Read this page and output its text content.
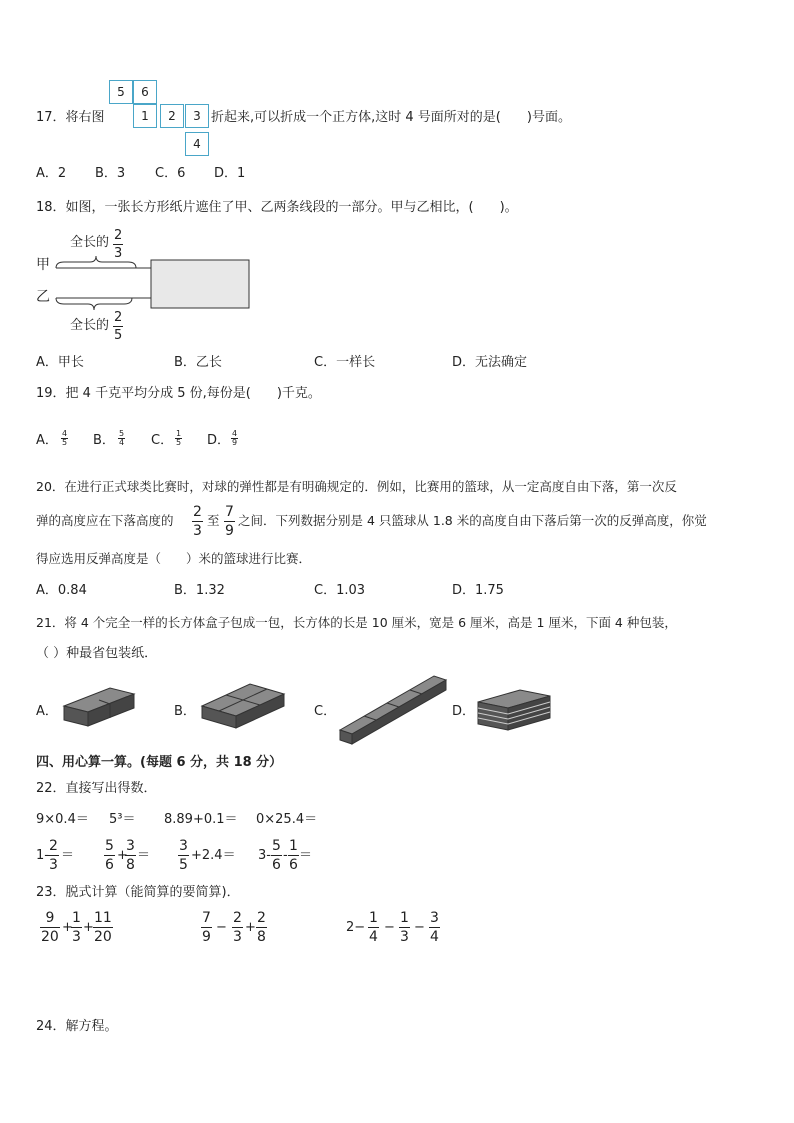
5	6
1	2	3
4
17．将右图	折起来,可以折成一个正方体,这时 4 号面所对的是(　　)号面。
A．2 B．3 C．6 D．1
18．如图，一张长方形纸片遮住了甲、乙两条线段的一部分。甲与乙相比，(　　)。
甲
乙
全长的 2
3
全长的
2
5
A．甲长	B．乙长	C．一样长	D．无法确定
19．把 4 千克平均分成 5 份,每份是(　　)千克。
A． 4
5 B． 5
4 C． 1
5 D． 4
9
20．在进行正式球类比赛时，对球的弹性都是有明确规定的．例如，比赛用的篮球，从一定高度自由下落，第一次反
弹的高度应在下落高度的
2
3
至
7
9
之间．下列数据分别是 4 只篮球从 1.8 米的高度自由下落后第一次的反弹高度，你觉
得应选用反弹高度是（　　）米的篮球进行比赛．
A．0.84	B．1.32	C．1.03	D．1.75
21．将 4 个完全一样的长方体盒子包成一包，长方体的长是 10 厘米，宽是 6 厘米，高是 1 厘米，下面 4 种包装，
（ ）种最省包装纸．
A．	B．	C．	D．
四、用心算一算。(每题 6 分，共 18 分）
22．直接写出得数．
9×0.4＝ 5³＝ 8.89+0.1＝ 0×25.4＝
1-
2
3
＝
5
6
+
3
8
＝
3
5
+2.4＝ 3-
5
6
-
1
6
＝
23．脱式计算（能简算的要简算)．
9
20
+
1
3
+
11
20
7
9
−
2
3
+
2
8
2−
1
4
−
1
3
−
3
4
24．解方程。
